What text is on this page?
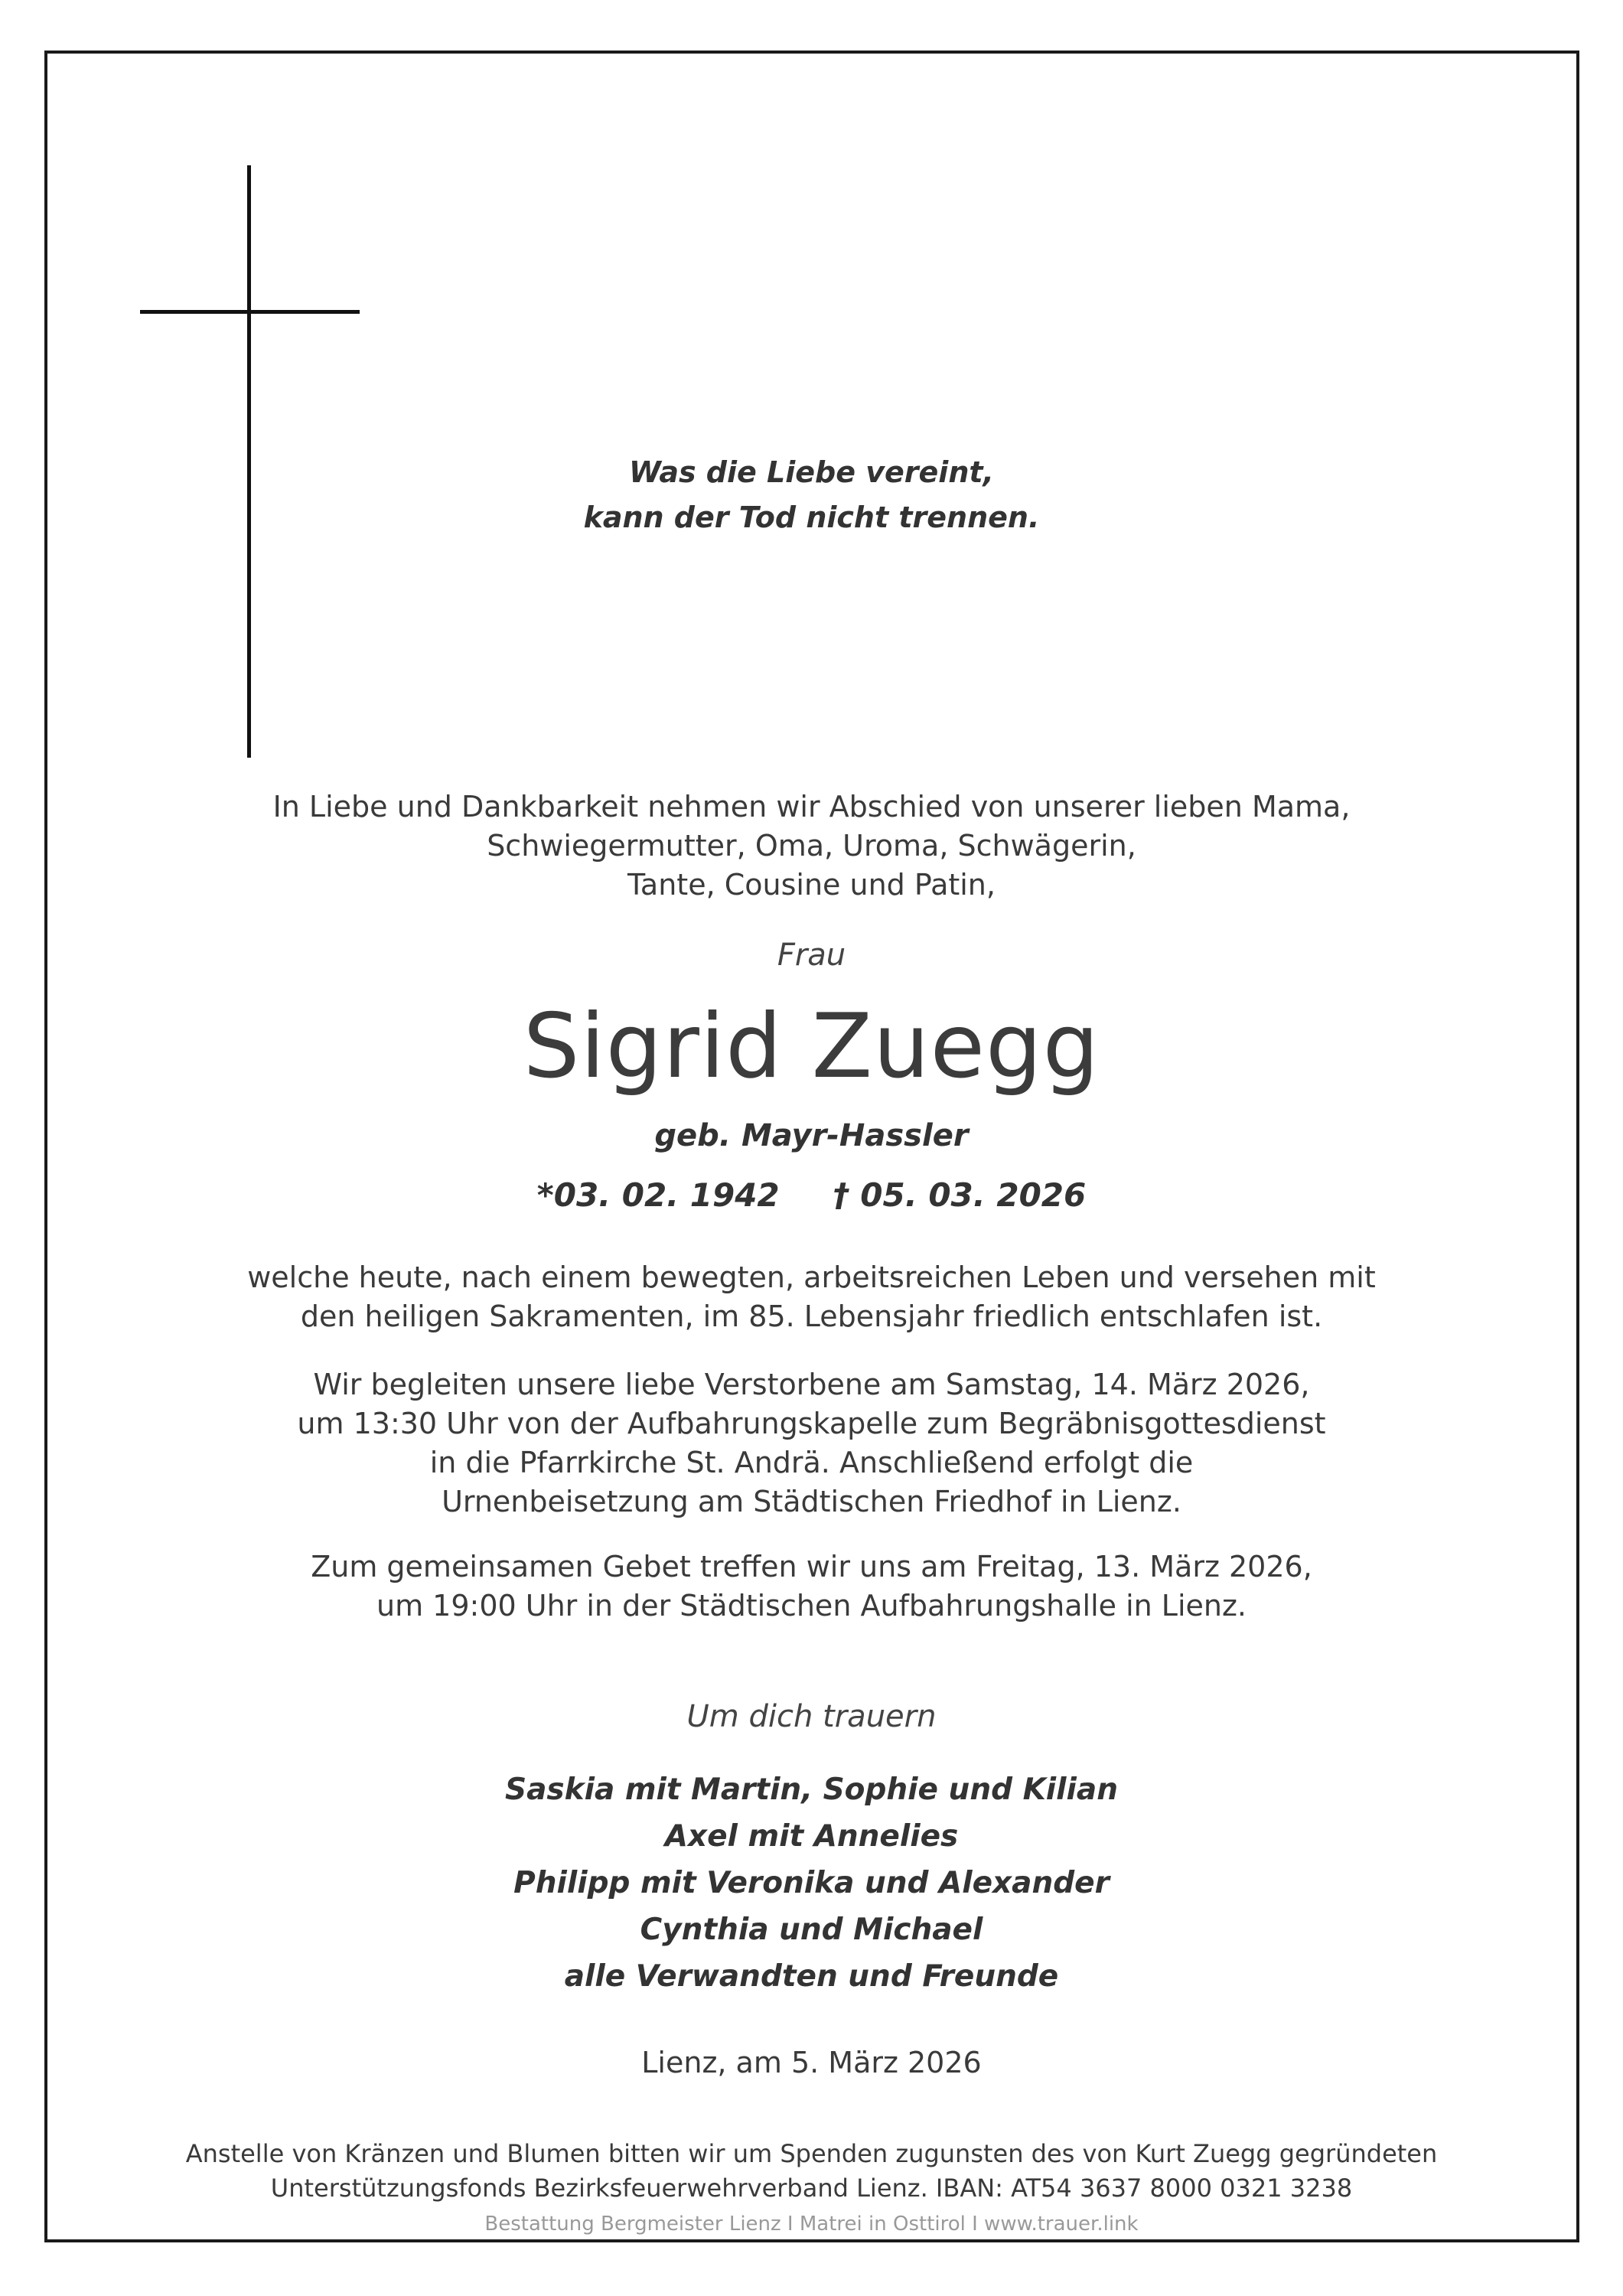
Was die Liebe vereint,
kann der Tod nicht trennen.
In Liebe und Dankbarkeit nehmen wir Abschied von unserer lieben Mama,
Schwiegermutter, Oma, Uroma, Schwägerin,
Tante, Cousine und Patin,
Frau
Sigrid Zuegg
geb. Mayr-Hassler
*03. 02. 1942 † 05. 03. 2026
welche heute, nach einem bewegten, arbeitsreichen Leben und versehen mit
den heiligen Sakramenten, im 85. Lebensjahr friedlich entschlafen ist.
Wir begleiten unsere liebe Verstorbene am Samstag, 14. März 2026,
um 13:30 Uhr von der Aufbahrungskapelle zum Begräbnisgottesdienst
in die Pfarrkirche St. Andrä. Anschließend erfolgt die
Urnenbeisetzung am Städtischen Friedhof in Lienz.
Zum gemeinsamen Gebet treffen wir uns am Freitag, 13. März 2026,
um 19:00 Uhr in der Städtischen Aufbahrungshalle in Lienz.
Um dich trauern
Saskia mit Martin, Sophie und Kilian
Axel mit Annelies
Philipp mit Veronika und Alexander
Cynthia und Michael
alle Verwandten und Freunde
Lienz, am 5. März 2026
Anstelle von Kränzen und Blumen bitten wir um Spenden zugunsten des von Kurt Zuegg gegründeten
Unterstützungsfonds Bezirksfeuerwehrverband Lienz. IBAN: AT54 3637 8000 0321 3238
Bestattung Bergmeister Lienz I Matrei in Osttirol I www.trauer.link
